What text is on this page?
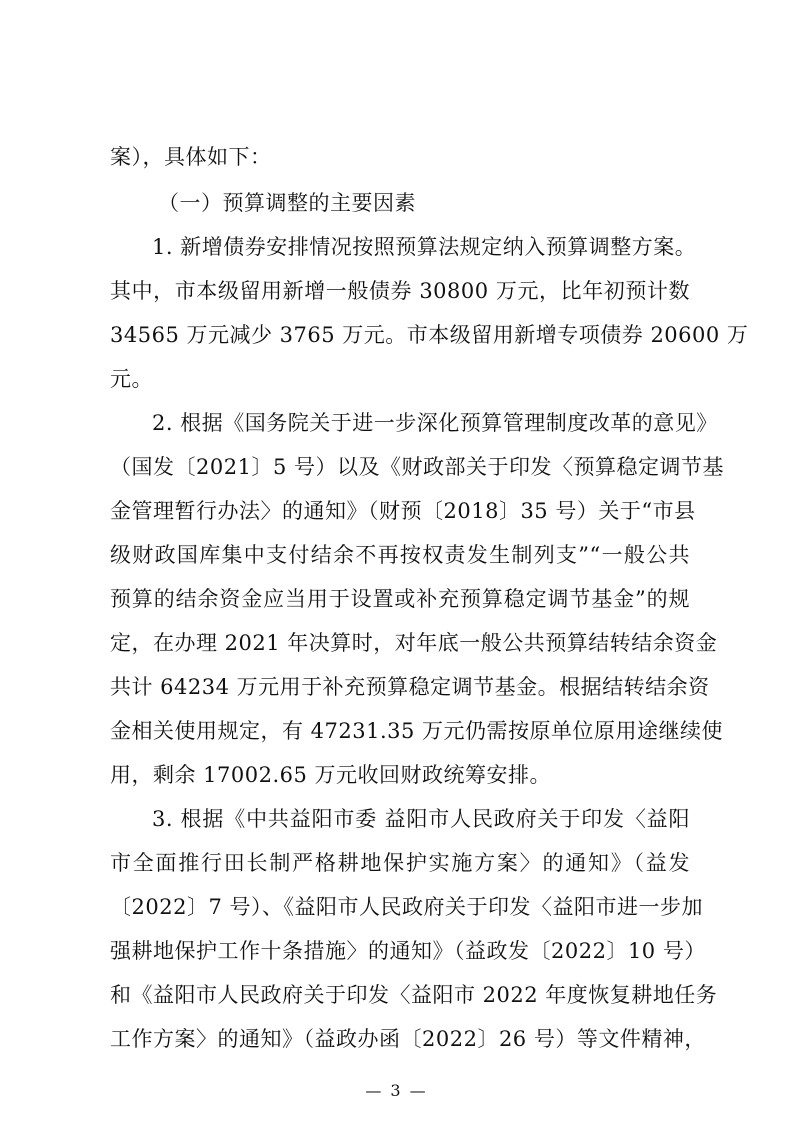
案），具体如下：
（一）预算调整的主要因素
1. 新增债券安排情况按照预算法规定纳入预算调整方案。
其中，市本级留用新增一般债券 30800 万元，比年初预计数
34565 万元减少 3765 万元。市本级留用新增专项债券 20600 万
元。
2. 根据《国务院关于进一步深化预算管理制度改革的意见》
（国发〔2021〕5 号）以及《财政部关于印发〈预算稳定调节基
金管理暂行办法〉的通知》（财预〔2018〕35 号）关于“市县
级财政国库集中支付结余不再按权责发生制列支”“一般公共
预算的结余资金应当用于设置或补充预算稳定调节基金”的规
定，在办理 2021 年决算时，对年底一般公共预算结转结余资金
共计 64234 万元用于补充预算稳定调节基金。根据结转结余资
金相关使用规定，有 47231.35 万元仍需按原单位原用途继续使
用，剩余 17002.65 万元收回财政统筹安排。
3. 根据《中共益阳市委 益阳市人民政府关于印发〈益阳
市全面推行田长制严格耕地保护实施方案〉的通知》（益发
〔2022〕7 号）、《益阳市人民政府关于印发〈益阳市进一步加
强耕地保护工作十条措施〉的通知》（益政发〔2022〕10 号）
和《益阳市人民政府关于印发〈益阳市 2022 年度恢复耕地任务
工作方案〉的通知》（益政办函〔2022〕26 号）等文件精神，
— 3 —
